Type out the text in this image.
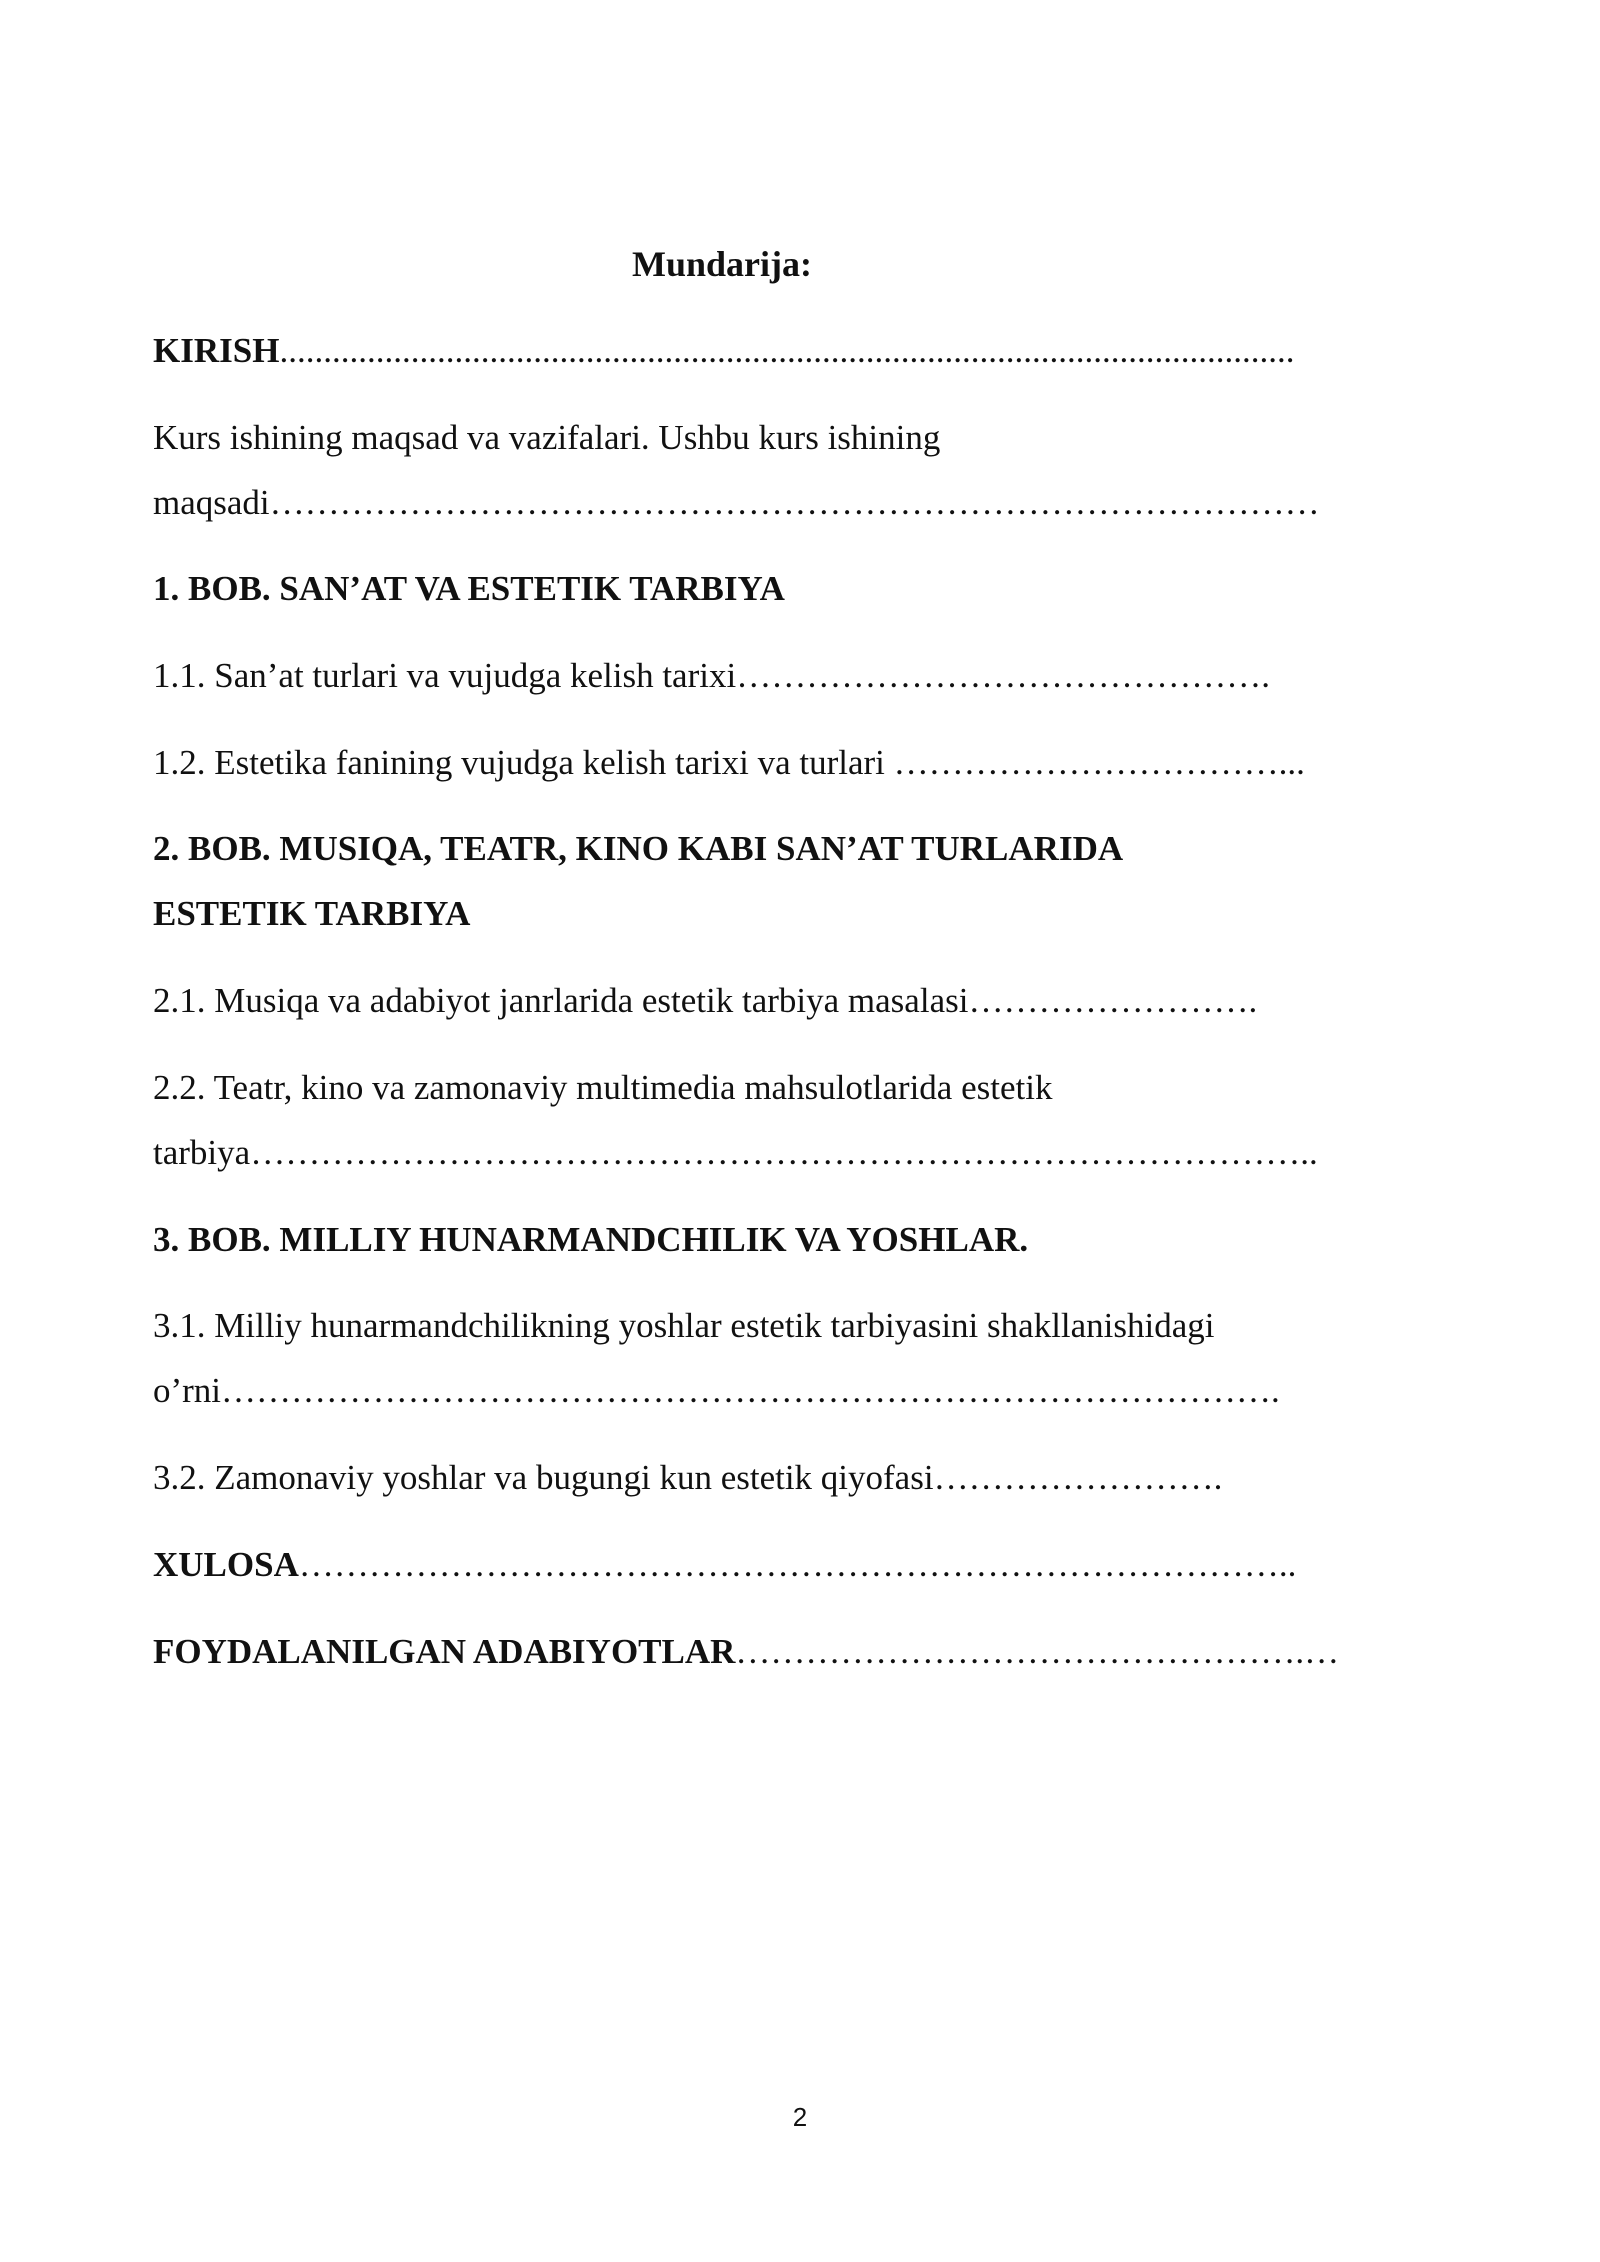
Mundarija:
KIRISH....................................................................................................................
Kurs ishining maqsad va vazifalari. Ushbu kurs ishining
maqsadi………………………………………………………………………………
1. BOB. SAN’AT VA ESTETIK TARBIYA
1.1. San’at turlari va vujudga kelish tarixi……………………………………….
1.2. Estetika fanining vujudga kelish tarixi va turlari ……………………………...
2. BOB. MUSIQA, TEATR, KINO KABI SAN’AT TURLARIDA
ESTETIK TARBIYA
2.1. Musiqa va adabiyot janrlarida estetik tarbiya masalasi…………………….
2.2. Teatr, kino va zamonaviy multimedia mahsulotlarida estetik
tarbiya………………………………………………………………………………..
3. BOB. MILLIY HUNARMANDCHILIK VA YOSHLAR.
3.1. Milliy hunarmandchilikning yoshlar estetik tarbiyasini shakllanishidagi
o’rni……………………………………………………………………………….
3.2. Zamonaviy yoshlar va bugungi kun estetik qiyofasi…………………….
XULOSA…………………………………………………………………………..
FOYDALANILGAN ADABIYOTLAR………………………………………….…
2
